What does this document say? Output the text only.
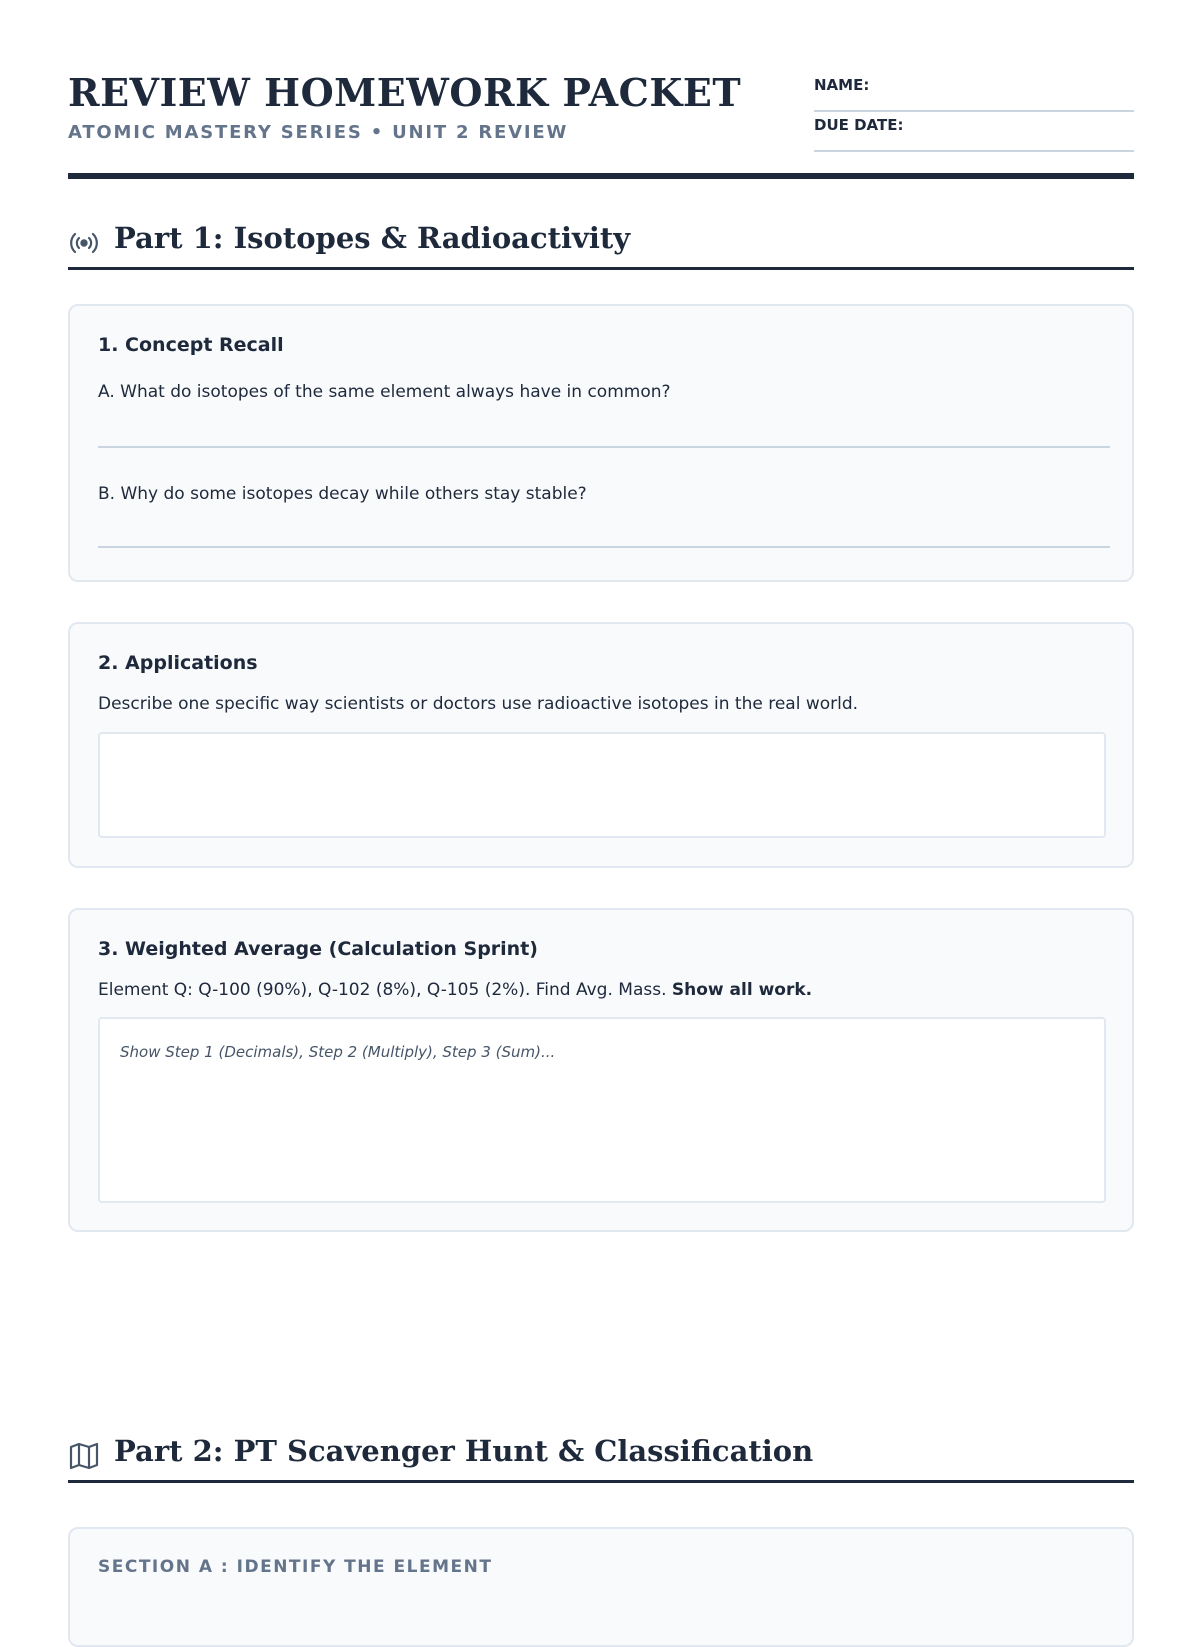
REVIEW HOMEWORK PACKET
ATOMIC MASTERY SERIES • UNIT 2 REVIEW
NAME:
DUE DATE:
Part 1: Isotopes & Radioactivity
1. Concept Recall
A. What do isotopes of the same element always have in common?
B. Why do some isotopes decay while others stay stable?
2. Applications
Describe one specific way scientists or doctors use radioactive isotopes in the real world.
3. Weighted Average (Calculation Sprint)
Element Q: Q-100 (90%), Q-102 (8%), Q-105 (2%). Find Avg. Mass. Show all work.
Show Step 1 (Decimals), Step 2 (Multiply), Step 3 (Sum)...
Part 2: PT Scavenger Hunt & Classification
SECTION A : IDENTIFY THE ELEMENT
